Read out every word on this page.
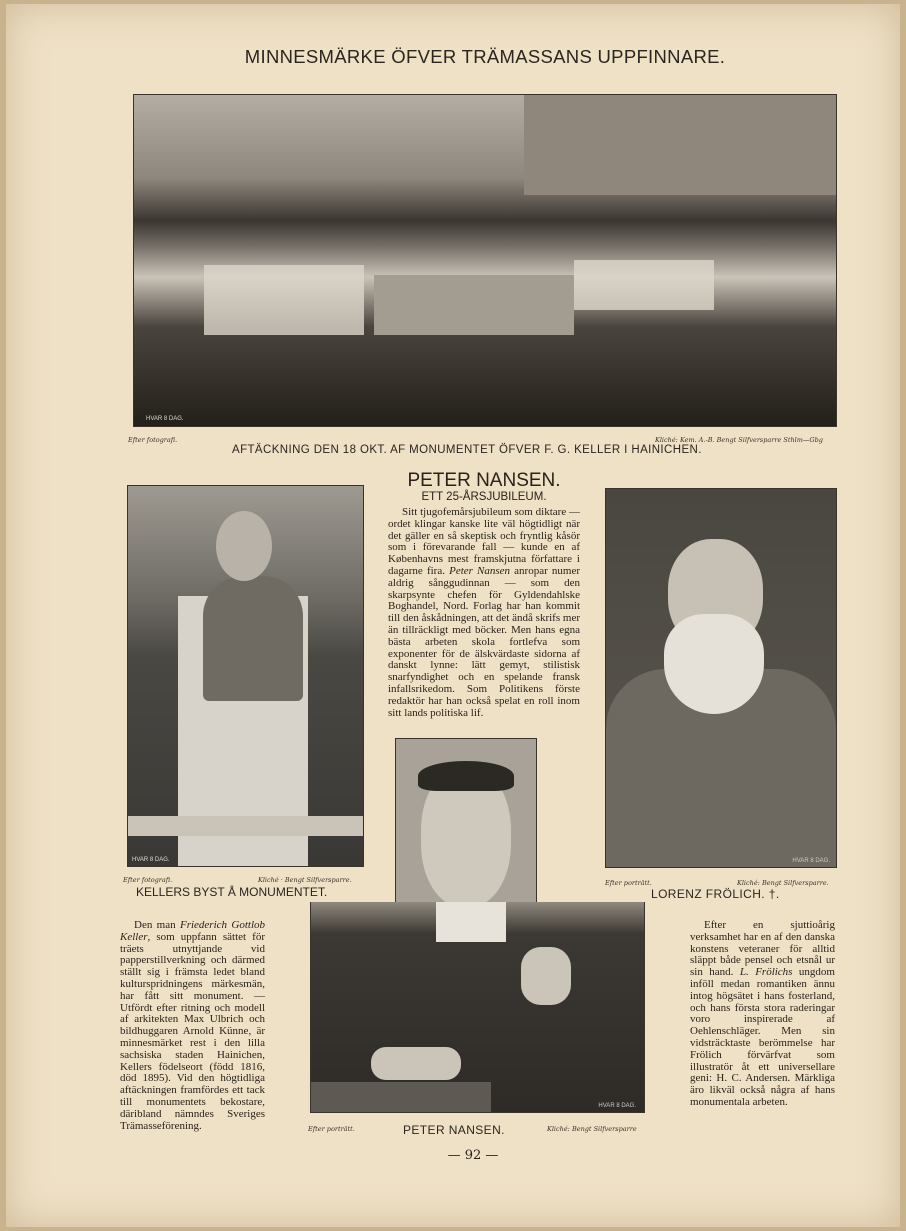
MINNESMÄRKE ÖFVER TRÄMASSANS UPPFINNARE.
HVAR 8 DAG.
Efter fotografi.	Kliché: Kem. A.-B. Bengt Silfversparre Sthlm—Gbg
AFTÄCKNING DEN 18 OKT. AF MONUMENTET ÖFVER F. G. KELLER I HAINICHEN.
PETER NANSEN.
ETT 25-ÅRSJUBILEUM.

Sitt tjugofemårsjubileum som diktare — ordet klingar kanske lite väl högtidligt när det gäller en så skeptisk och fryntlig kåsör som i förevarande fall — kunde en af Københavns mest framskjutna författare i dagarne fira. Peter Nansen anropar numer aldrig sånggudinnan — som den skarpsynte chefen för Gyldendahlske Boghandel, Nord. Forlag har han kommit till den åskådningen, att det ändå skrifs mer än tillräckligt med böcker. Men hans egna bästa arbeten skola fortlefva som exponenter för de älskvärdaste sidorna af danskt lynne: lätt gemyt, stilistisk snarfyndighet och en spelande fransk infallsrikedom. Som Politikens förste redaktör har han också spelat en roll inom sitt lands politiska lif.

HVAR 8 DAG.
Efter fotografi.	Kliché · Bengt Silfversparre.
KELLERS BYST Å MONUMENTET.
HVAR 8 DAG.
Efter porträtt.	Kliché: Bengt Silfversparre.
LORENZ FRÖLICH. †.
HVAR 8 DAG.
Efter porträtt.	Kliché: Bengt Silfversparre
PETER NANSEN.

Den man Friederich Gottlob Keller, som uppfann sättet för träets utnyttjande vid papperstillverkning och därmed ställt sig i främsta ledet bland kulturspridningens märkesmän, har fått sitt monument. — Utfördt efter ritning och modell af arkitekten Max Ulbrich och bildhuggaren Arnold Künne, är minnesmärket rest i den lilla sachsiska staden Hainichen, Kellers födelseort (född 1816, död 1895). Vid den högtidliga aftäckningen framfördes ett tack till monumentets bekostare, däribland nämndes Sveriges Trämasseförening.

Efter en sjuttioårig verksamhet har en af den danska konstens veteraner för alltid släppt både pensel och etsnål ur sin hand. L. Frölichs ungdom inföll medan romantiken ännu intog högsätet i hans fosterland, och hans första stora raderingar voro inspirerade af Oehlenschläger. Men sin vidsträcktaste berömmelse har Frölich förvärfvat som illustratör åt ett universellare geni: H. C. Andersen. Märkliga äro likväl också några af hans monumentala arbeten.

— 92 —
